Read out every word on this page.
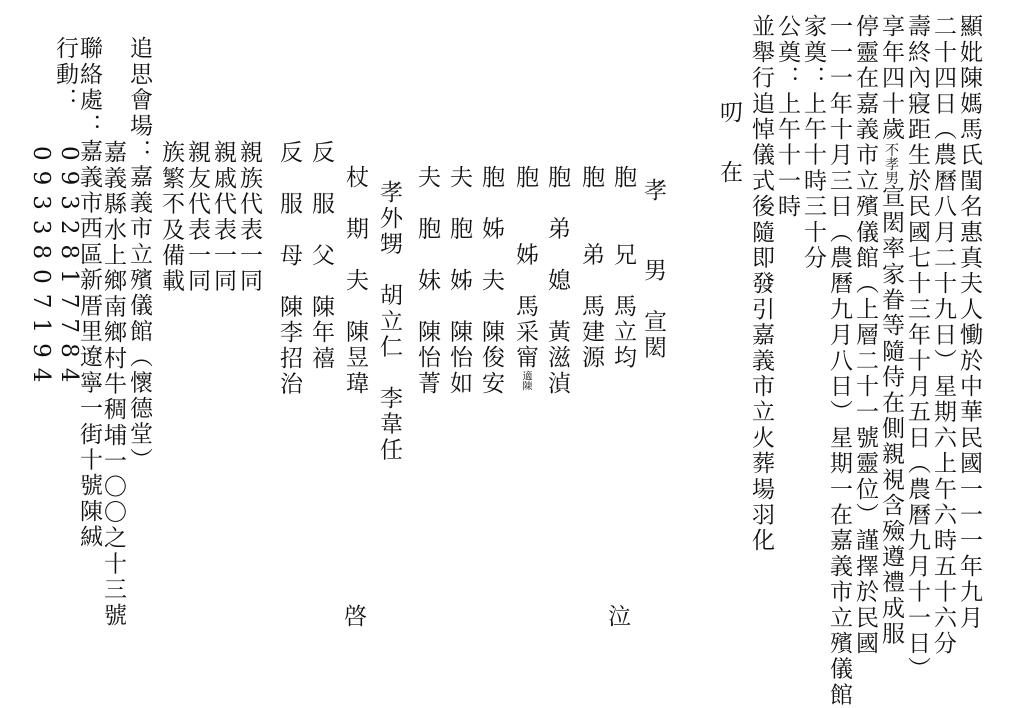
顯妣陳媽馬氏閨名惠真夫人慟於中華民國一一一年九月
二十四日（農曆八月二十九日）星期六上午六時五十六分
壽終內寢距生於民國七十三年十月五日（農曆九月十一日）
享年四十歲不孝男宣閎率家眷等隨侍在側親視含殮遵禮成服
停靈在嘉義市立殯儀館（上層二十一號靈位）謹擇於民國
一一一年十月三日（農曆九月八日）星期一在嘉義市立殯儀館
家奠：上午十時三十分
公奠：上午十一時
並舉行追悼儀式後隨即發引嘉義市立火葬場羽化
叨
在
孝
男　宣閎
胞　　兄　馬立均
胞　　弟　馬建源
胞　弟　媳　黃滋湞
胞　　姊　馬采甯適陳
胞　姊　夫　陳俊安
夫　胞　姊　陳怡如
夫　胞　妹　陳怡菁
孝外甥　胡立仁　李韋任
杖　期　夫　陳昱瑋
反　服　父　陳年禧
反　服　母　陳李招治
泣
啓
親族代表一同
親戚代表一同
親友代表一同
族繁不及備載
追思會場：嘉義市立殯儀館（懷德堂）
嘉義縣水上鄉南鄉村牛稠埔一〇〇之十三號
聯絡處：嘉義市西區新厝里遼寧一街十號陳絾
行動：
0933807194 0932817784
